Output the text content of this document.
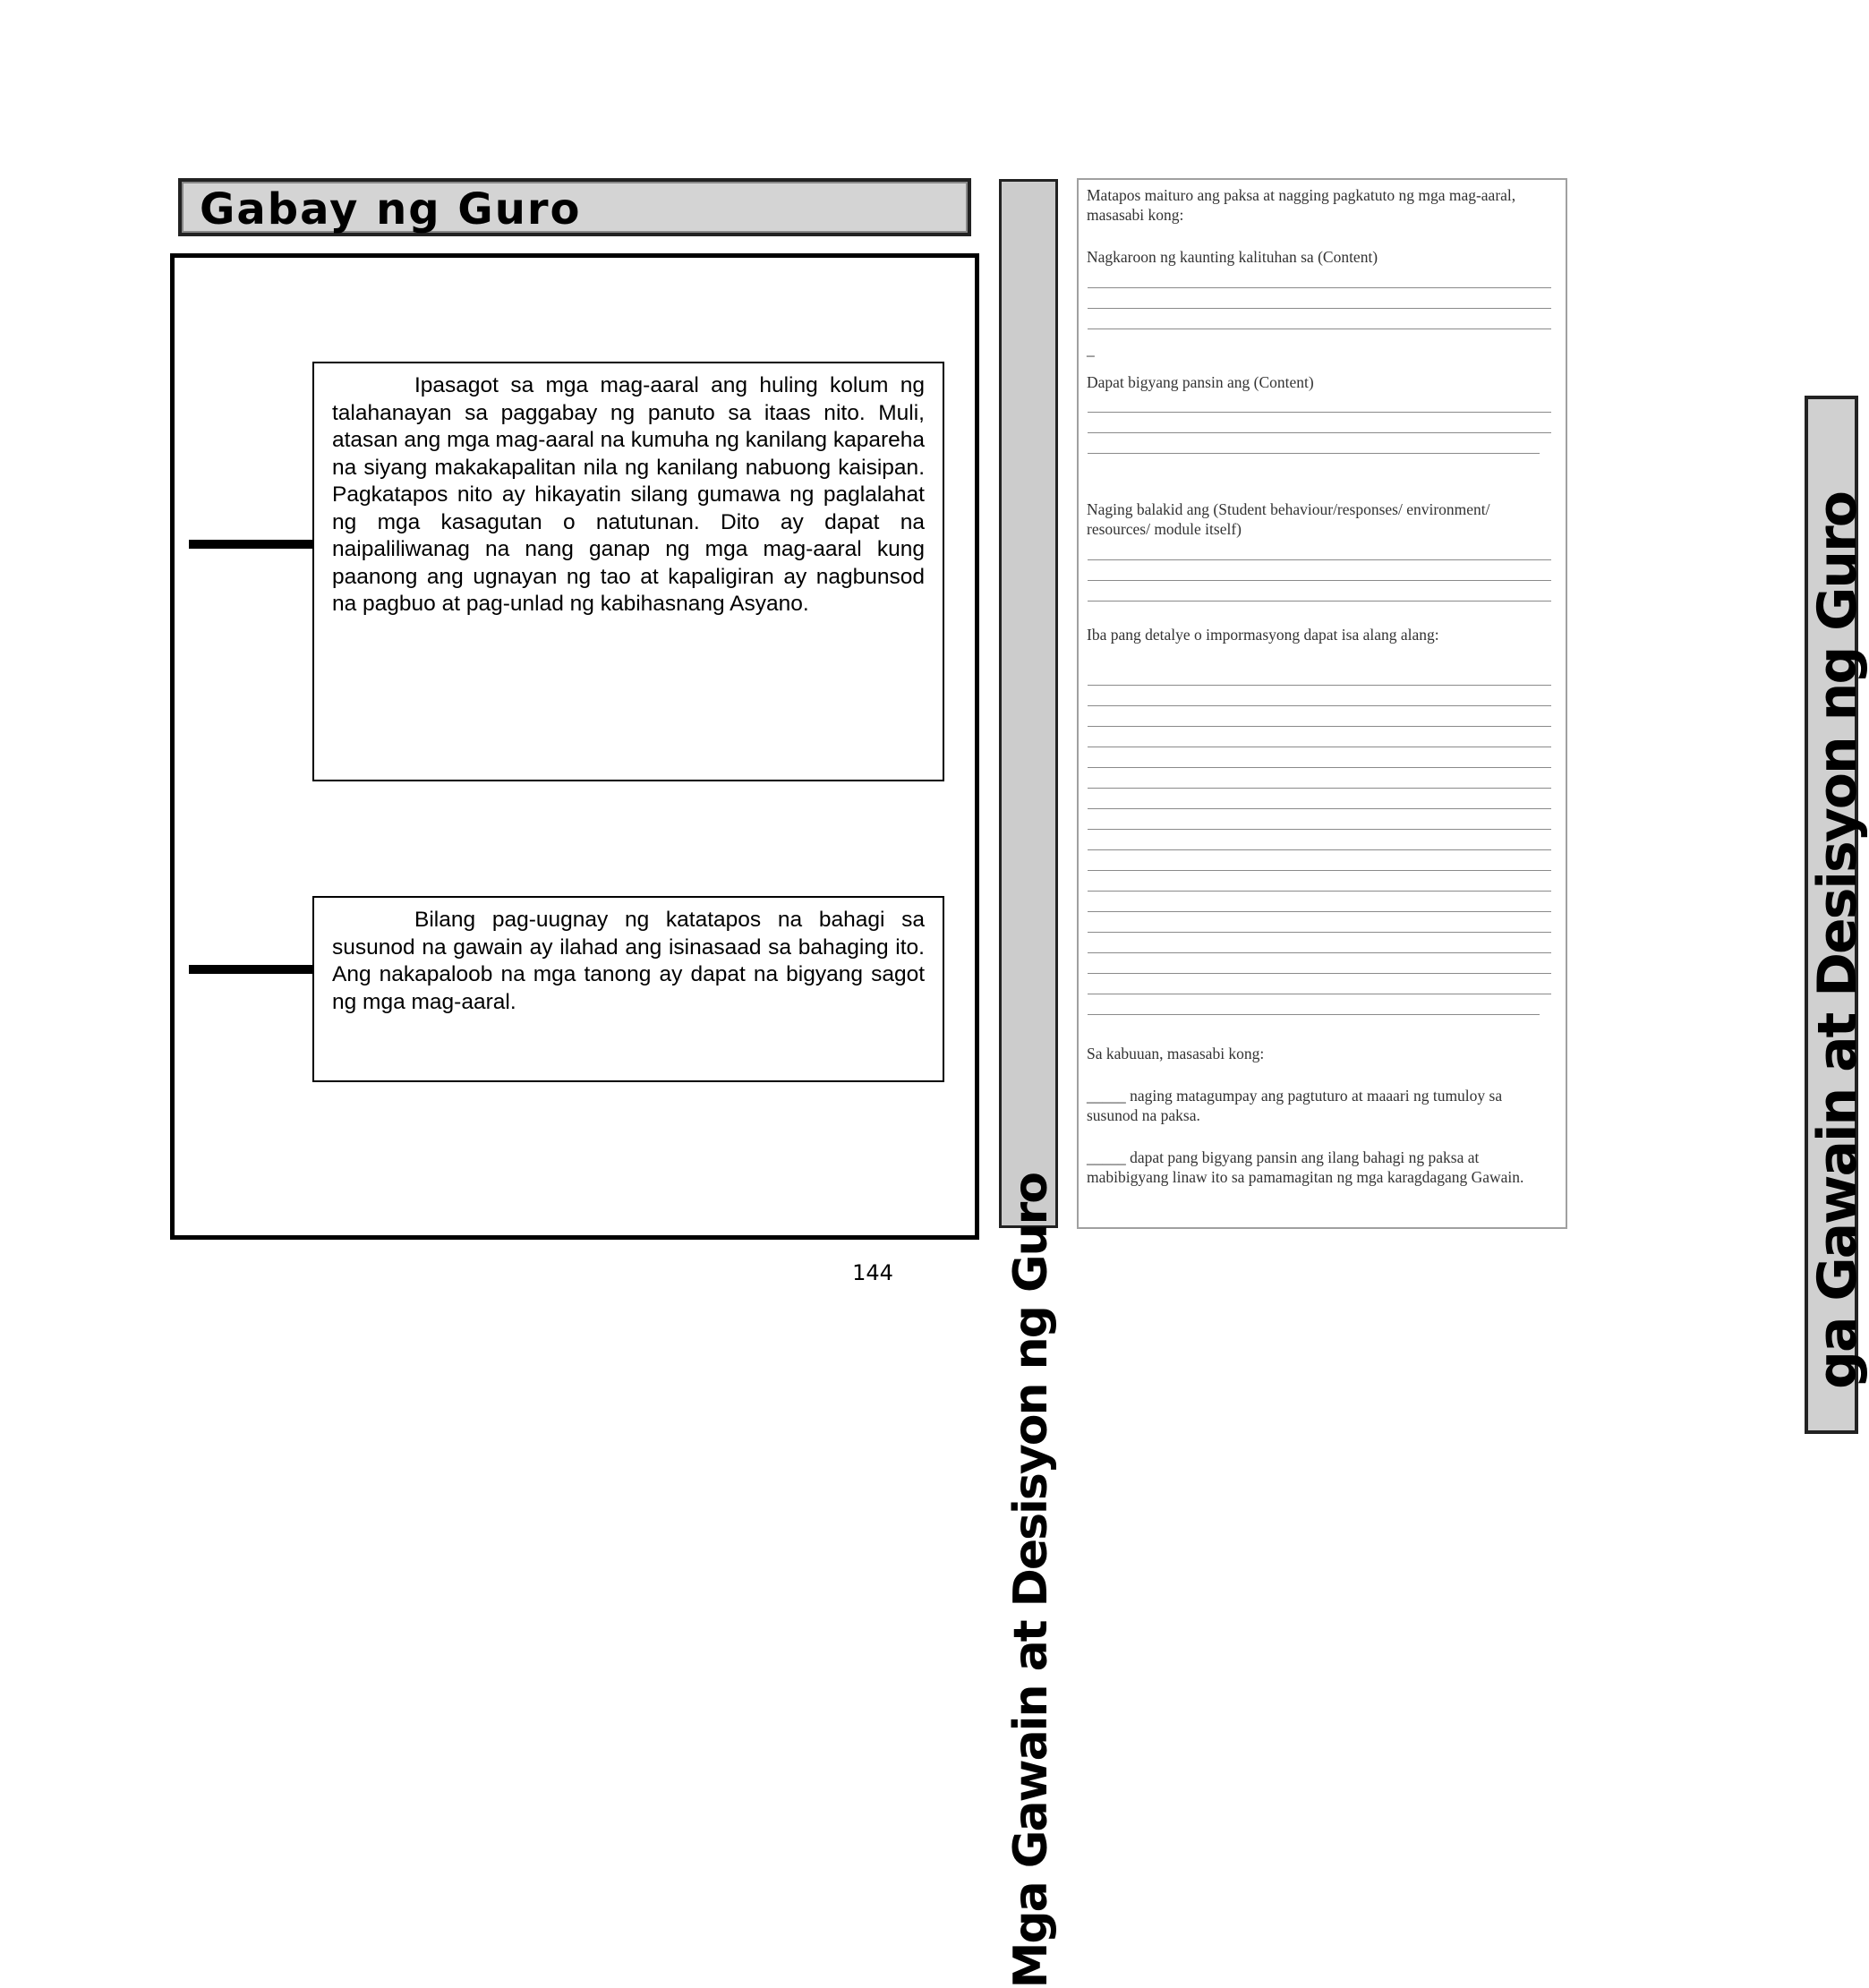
Gabay ng Guro

Ipasagot sa mga mag-aaral ang huling kolum ng talahanayan sa paggabay ng panuto sa itaas nito. Muli, atasan ang mga mag-aaral na kumuha ng kanilang kapareha na siyang makakapalitan nila ng kanilang nabuong kaisipan. Pagkatapos nito ay hikayatin silang gumawa ng paglalahat ng mga kasagutan o natutunan. Dito ay dapat na naipaliliwanag na nang ganap ng mga mag-aaral kung paanong ang ugnayan ng tao at kapaligiran ay nagbunsod na pagbuo at pag-unlad ng kabihasnang Asyano.

Bilang pag-uugnay ng katatapos na bahagi sa susunod na gawain ay ilahad ang isinasaad sa bahaging ito. Ang nakapaloob na mga tanong ay dapat na bigyang sagot ng mga mag-aaral.

144	Mga Gawain at Desisyon ng Guro
Matapos maituro ang paksa at nagging pagkatuto ng mga mag-aaral, masasabi kong:
Nagkaroon ng kaunting kalituhan sa (Content)
_
Dapat bigyang pansin ang (Content)
Naging balakid ang (Student behaviour/responses/ environment/ resources/ module itself)
Iba pang detalye o impormasyong dapat isa alang alang:
Sa kabuuan, masasabi kong:
_____ naging matagumpay ang pagtuturo at maaari ng tumuloy sa susunod na paksa.
_____ dapat pang bigyang pansin ang ilang bahagi ng paksa at mabibigyang linaw ito sa pamamagitan ng mga karagdagang Gawain.	ga Gawain at Desisyon ng Guro
